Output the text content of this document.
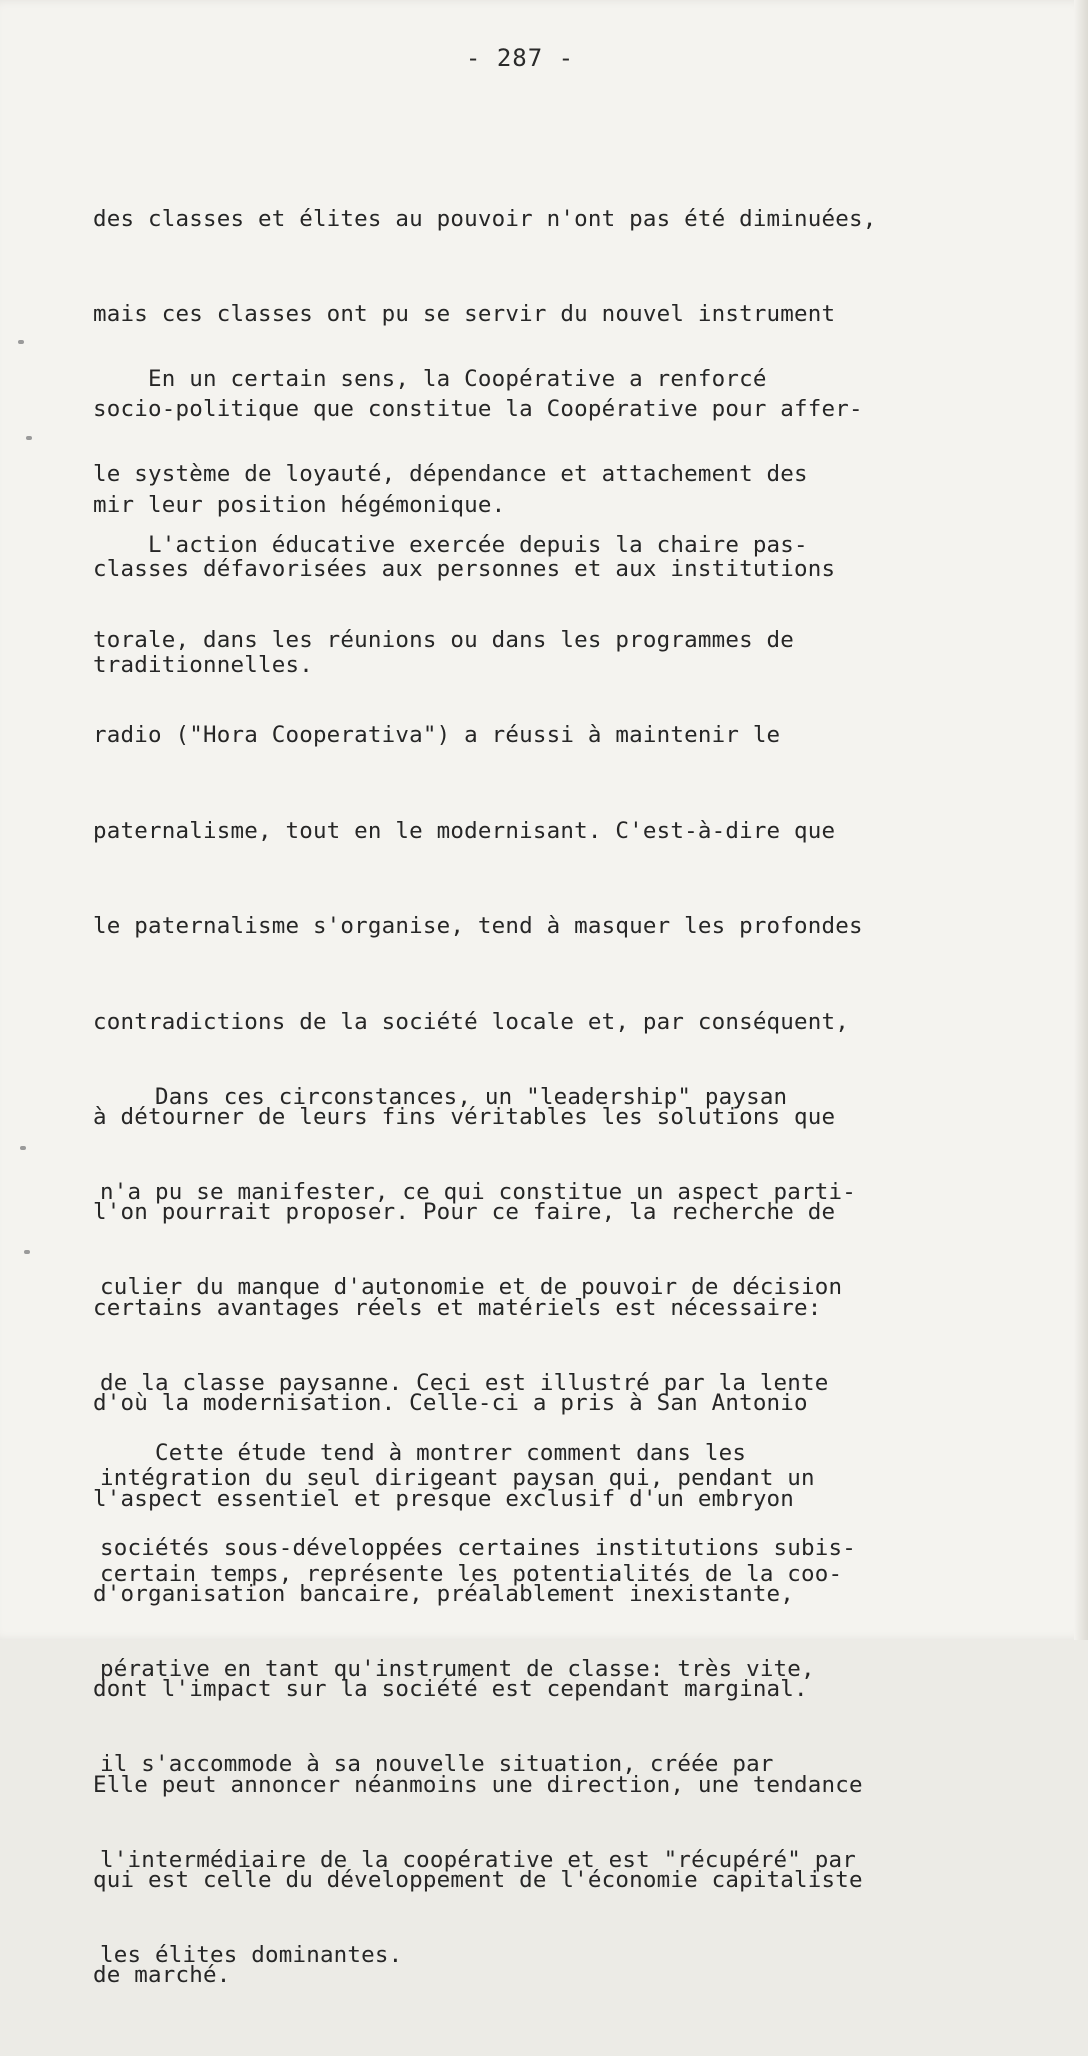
- 287 -

des classes et élites au pouvoir n'ont pas été diminuées,

mais ces classes ont pu se servir du nouvel instrument

socio-politique que constitue la Coopérative pour affer-

mir leur position hégémonique.

En un certain sens, la Coopérative a renforcé

le système de loyauté, dépendance et attachement des

classes défavorisées aux personnes et aux institutions

traditionnelles.

L'action éducative exercée depuis la chaire pas-

torale, dans les réunions ou dans les programmes de

radio ("Hora Cooperativa") a réussi à maintenir le

paternalisme, tout en le modernisant. C'est-à-dire que

le paternalisme s'organise, tend à masquer les profondes

contradictions de la société locale et, par conséquent,

à détourner de leurs fins véritables les solutions que

l'on pourrait proposer. Pour ce faire, la recherche de

certains avantages réels et matériels est nécessaire:

d'où la modernisation. Celle-ci a pris à San Antonio

l'aspect essentiel et presque exclusif d'un embryon

d'organisation bancaire, préalablement inexistante,

dont l'impact sur la société est cependant marginal.

Elle peut annoncer néanmoins une direction, une tendance

qui est celle du développement de l'économie capitaliste

de marché.

Dans ces circonstances, un "leadership" paysan

n'a pu se manifester, ce qui constitue un aspect parti-

culier du manque d'autonomie et de pouvoir de décision

de la classe paysanne. Ceci est illustré par la lente

intégration du seul dirigeant paysan qui, pendant un

certain temps, représente les potentialités de la coo-

pérative en tant qu'instrument de classe: très vite,

il s'accommode à sa nouvelle situation, créée par

l'intermédiaire de la coopérative et est "récupéré" par

les élites dominantes.

Cette étude tend à montrer comment dans les

sociétés sous-développées certaines institutions subis-
